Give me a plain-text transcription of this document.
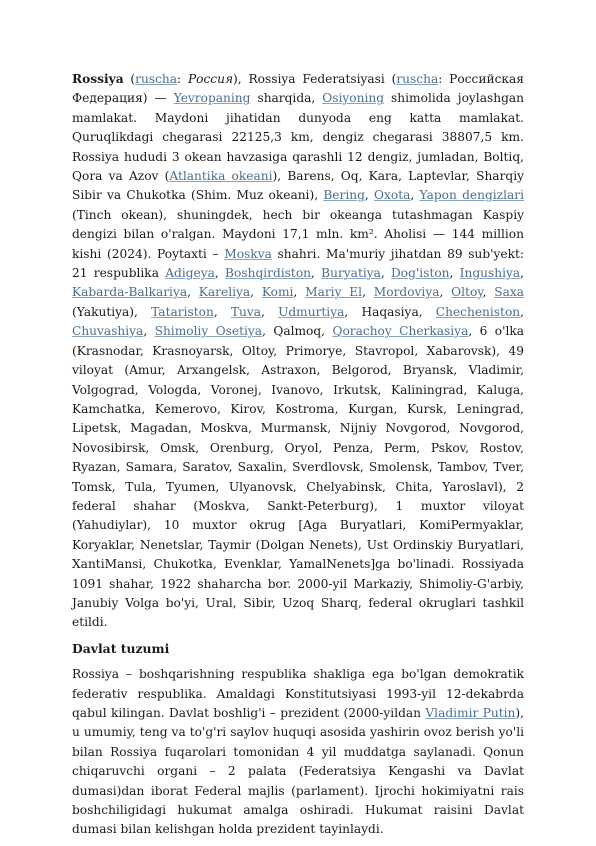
Rossiya (ruscha: Россия), Rossiya Federatsiyasi (ruscha: Российская Федерация) — Yevropaning sharqida, Osiyoning shimolida joylashgan mamlakat. Maydoni jihatidan dunyoda eng katta mamlakat. Quruqlikdagi chegarasi 22125,3 km, dengiz chegarasi 38807,5 km. Rossiya hududi 3 okean havzasiga qarashli 12 dengiz, jumladan, Boltiq, Qora va Azov (Atlantika okeani), Barens, Oq, Kara, Laptevlar, Sharqiy Sibir va Chukotka (Shim. Muz okeani), Bering, Oxota, Yapon dengizlari (Tinch okean), shuningdek, hech bir okeanga tutashmagan Kaspiy dengizi bilan o'ralgan. Maydoni 17,1 mln. km². Aholisi — 144 million kishi (2024). Poytaxti – Moskva shahri. Ma'muriy jihatdan 89 sub'yekt: 21 respublika Adigeya, Boshqirdiston, Buryatiya, Dog'iston, Ingushiya, Kabarda-Balkariya, Kareliya, Komi, Mariy El, Mordoviya, Oltoy, Saxa (Yakutiya), Tatariston, Tuva, Udmurtiya, Haqasiya, Checheniston, Chuvashiya, Shimoliy Osetiya, Qalmoq, Qorachoy Cherkasiya, 6 o'lka (Krasnodar, Krasnoyarsk, Oltoy, Primorye, Stavropol, Xabarovsk), 49 viloyat (Amur, Arxangelsk, Astraxon, Belgorod, Bryansk, Vladimir, Volgograd, Vologda, Voronej, Ivanovo, Irkutsk, Kaliningrad, Kaluga, Kamchatka, Kemerovo, Kirov, Kostroma, Kurgan, Kursk, Leningrad, Lipetsk, Magadan, Moskva, Murmansk, Nijniy Novgorod, Novgorod, Novosibirsk, Omsk, Orenburg, Oryol, Penza, Perm, Pskov, Rostov, Ryazan, Samara, Saratov, Saxalin, Sverdlovsk, Smolensk, Tambov, Tver, Tomsk, Tula, Tyumen, Ulyanovsk, Chelyabinsk, Chita, Yaroslavl), 2 federal shahar (Moskva, Sankt-Peterburg), 1 muxtor viloyat (Yahudiylar), 10 muxtor okrug [Aga Buryatlari, KomiPermyaklar, Koryaklar, Nenetslar, Taymir (Dolgan Nenets), Ust Ordinskiy Buryatlari, XantiMansi, Chukotka, Evenklar, YamalNenets]ga bo'linadi. Rossiyada 1091 shahar, 1922 shaharcha bor. 2000-yil Markaziy, Shimoliy-G'arbiy, Janubiy Volga bo'yi, Ural, Sibir, Uzoq Sharq, federal okruglari tashkil etildi.

Davlat tuzumi

Rossiya – boshqarishning respublika shakliga ega bo'lgan demokratik federativ respublika. Amaldagi Konstitutsiyasi 1993-yil 12-dekabrda qabul kilingan. Davlat boshlig'i – prezident (2000-yildan Vladimir Putin), u umumiy, teng va to'g'ri saylov huquqi asosida yashirin ovoz berish yo'li bilan Rossiya fuqarolari tomonidan 4 yil muddatga saylanadi. Qonun chiqaruvchi organi – 2 palata (Federatsiya Kengashi va Davlat dumasi)dan iborat Federal majlis (parlament). Ijrochi hokimiyatni rais boshchiligidagi hukumat amalga oshiradi. Hukumat raisini Davlat dumasi bilan kelishgan holda prezident tayinlaydi.
